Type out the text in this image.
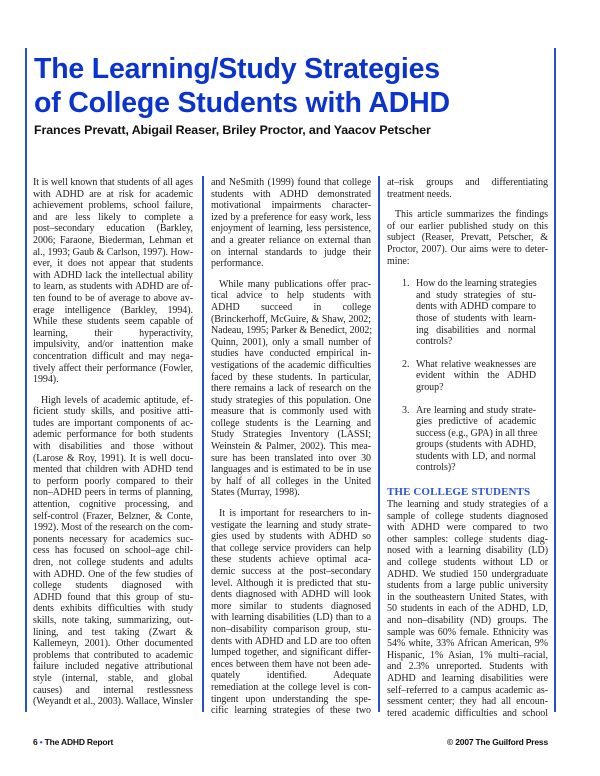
The Learning/Study Strategies
of College Students with ADHD
Frances Prevatt, Abigail Reaser, Briley Proctor, and Yaacov Petscher
It is well known that students of all ages
with ADHD are at risk for academic
achievement problems, school failure,
and are less likely to complete a
post–secondary education (Barkley,
2006; Faraone, Biederman, Lehman et
al., 1993; Gaub & Carlson, 1997). How-
ever, it does not appear that students
with ADHD lack the intellectual ability
to learn, as students with ADHD are of-
ten found to be of average to above av-
erage intelligence (Barkley, 1994).
While these students seem capable of
learning, their hyperactivity,
impulsivity, and/or inattention make
concentration difficult and may nega-
tively affect their performance (Fowler,
1994).
High levels of academic aptitude, ef-
ficient study skills, and positive atti-
tudes are important components of ac-
ademic performance for both students
with disabilities and those without
(Larose & Roy, 1991). It is well docu-
mented that children with ADHD tend
to perform poorly compared to their
non–ADHD peers in terms of planning,
attention, cognitive processing, and
self-control (Frazer, Belzner, & Conte,
1992). Most of the research on the com-
ponents necessary for academics suc-
cess has focused on school–age chil-
dren, not college students and adults
with ADHD. One of the few studies of
college students diagnosed with
ADHD found that this group of stu-
dents exhibits difficulties with study
skills, note taking, summarizing, out-
lining, and test taking (Zwart &
Kallemeyn, 2001). Other documented
problems that contributed to academic
failure included negative attributional
style (internal, stable, and global
causes) and internal restlessness
(Weyandt et al., 2003). Wallace, Winsler
and NeSmith (1999) found that college
students with ADHD demonstrated
motivational impairments character-
ized by a preference for easy work, less
enjoyment of learning, less persistence,
and a greater reliance on external than
on internal standards to judge their
performance.
While many publications offer prac-
tical advice to help students with
ADHD succeed in college
(Brinckerhoff, McGuire, & Shaw, 2002;
Nadeau, 1995; Parker & Benedict, 2002;
Quinn, 2001), only a small number of
studies have conducted empirical in-
vestigations of the academic difficulties
faced by these students. In particular,
there remains a lack of research on the
study strategies of this population. One
measure that is commonly used with
college students is the Learning and
Study Strategies Inventory (LASSI;
Weinstein & Palmer, 2002). This mea-
sure has been translated into over 30
languages and is estimated to be in use
by half of all colleges in the United
States (Murray, 1998).
It is important for researchers to in-
vestigate the learning and study strate-
gies used by students with ADHD so
that college service providers can help
these students achieve optimal aca-
demic success at the post–secondary
level. Although it is predicted that stu-
dents diagnosed with ADHD will look
more similar to students diagnosed
with learning disabilities (LD) than to a
non–disability comparison group, stu-
dents with ADHD and LD are too often
lumped together, and significant differ-
ences between them have not been ade-
quately identified. Adequate
remediation at the college level is con-
tingent upon understanding the spe-
cific learning strategies of these two
at–risk groups and differentiating
treatment needs.
This article summarizes the findings
of our earlier published study on this
subject (Reaser, Prevatt, Petscher, &
Proctor, 2007). Our aims were to deter-
mine:
1. How do the learning strategies
and study strategies of stu-
dents with ADHD compare to
those of students with learn-
ing disabilities and normal
controls?
2. What relative weaknesses are
evident within the ADHD
group?
3. Are learning and study strate-
gies predictive of academic
success (e.g., GPA) in all three
groups (students with ADHD,
students with LD, and normal
controls)?
THE COLLEGE STUDENTS
The learning and study strategies of a
sample of college students diagnosed
with ADHD were compared to two
other samples: college students diag-
nosed with a learning disability (LD)
and college students without LD or
ADHD. We studied 150 undergraduate
students from a large public university
in the southeastern United States, with
50 students in each of the ADHD, LD,
and non–disability (ND) groups. The
sample was 60% female. Ethnicity was
54% white, 33% African American, 9%
Hispanic, 1% Asian, 1% multi–racial,
and 2.3% unreported. Students with
ADHD and learning disabilities were
self–referred to a campus academic as-
sessment center; they had all encoun-
tered academic difficulties and school
6 • The ADHD Report	© 2007 The Guilford Press
